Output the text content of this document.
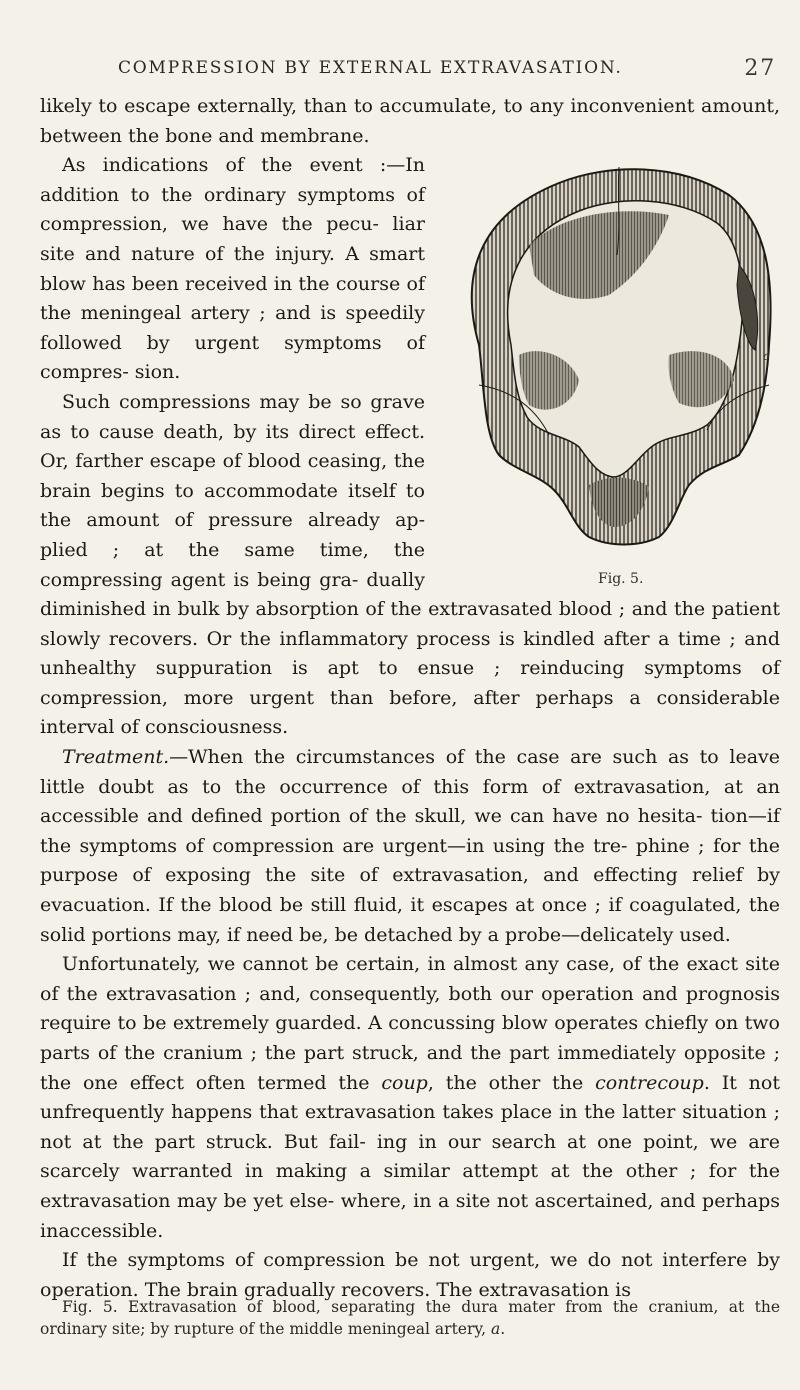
COMPRESSION BY EXTERNAL EXTRAVASATION.	27

likely to escape externally, than to accumulate, to any inconvenient amount, between the bone and membrane.

a
Fig. 5.

As indications of the event :—In addition to the ordinary symptoms of compression, we have the pecu- liar site and nature of the injury. A smart blow has been received in the course of the meningeal artery ; and is speedily followed by urgent symptoms of compres- sion.

Such compressions may be so grave as to cause death, by its direct effect. Or, farther escape of blood ceasing, the brain begins to accommodate itself to the amount of pressure already ap- plied ; at the same time, the compressing agent is being gra- dually diminished in bulk by absorption of the extravasated blood ; and the patient slowly recovers. Or the inflammatory process is kindled after a time ; and unhealthy suppuration is apt to ensue ; reinducing symptoms of compression, more urgent than before, after perhaps a considerable interval of consciousness.

Treatment.—When the circumstances of the case are such as to leave little doubt as to the occurrence of this form of extravasation, at an accessible and defined portion of the skull, we can have no hesita- tion—if the symptoms of compression are urgent—in using the tre- phine ; for the purpose of exposing the site of extravasation, and effecting relief by evacuation. If the blood be still fluid, it escapes at once ; if coagulated, the solid portions may, if need be, be detached by a probe—delicately used.

Unfortunately, we cannot be certain, in almost any case, of the exact site of the extravasation ; and, consequently, both our operation and prognosis require to be extremely guarded. A concussing blow operates chiefly on two parts of the cranium ; the part struck, and the part immediately opposite ; the one effect often termed the coup, the other the contrecoup. It not unfrequently happens that extravasation takes place in the latter situation ; not at the part struck. But fail- ing in our search at one point, we are scarcely warranted in making a similar attempt at the other ; for the extravasation may be yet else- where, in a site not ascertained, and perhaps inaccessible.

If the symptoms of compression be not urgent, we do not interfere by operation. The brain gradually recovers. The extravasation is

Fig. 5. Extravasation of blood, separating the dura mater from the cranium, at the ordinary site; by rupture of the middle meningeal artery, a.
